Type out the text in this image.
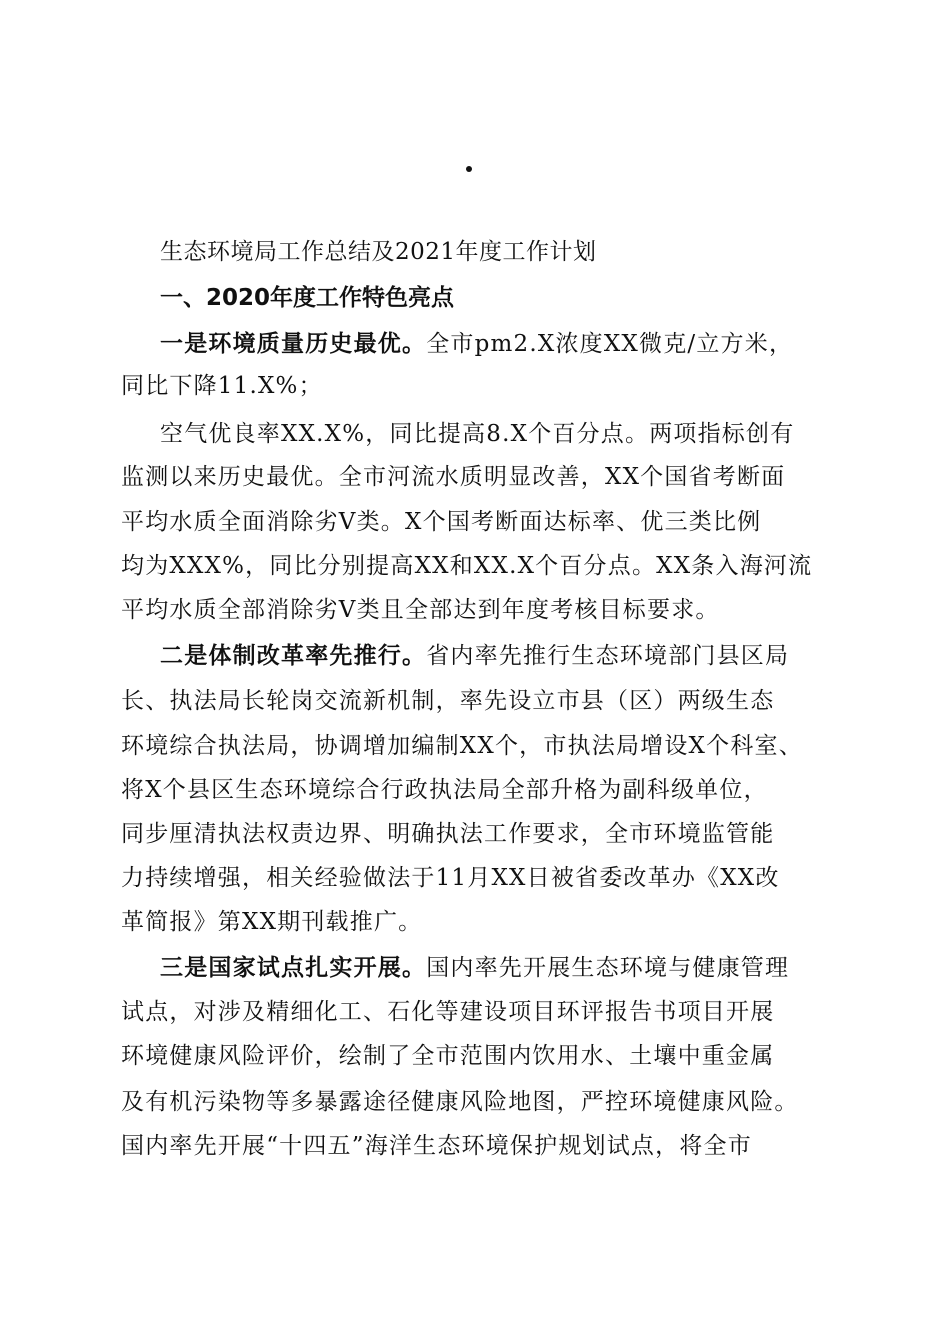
生态环境局工作总结及2021年度工作计划
一、2020年度工作特色亮点
一是环境质量历史最优。全市pm2.X浓度XX微克/立方米，
同比下降11.X%；
空气优良率XX.X%，同比提高8.X个百分点。两项指标创有
监测以来历史最优。全市河流水质明显改善，XX个国省考断面
平均水质全面消除劣Ⅴ类。X个国考断面达标率、优三类比例
均为XXX%，同比分别提高XX和XX.X个百分点。XX条入海河流
平均水质全部消除劣Ⅴ类且全部达到年度考核目标要求。
二是体制改革率先推行。省内率先推行生态环境部门县区局
长、执法局长轮岗交流新机制，率先设立市县（区）两级生态
环境综合执法局，协调增加编制XX个，市执法局增设X个科室、
将X个县区生态环境综合行政执法局全部升格为副科级单位，
同步厘清执法权责边界、明确执法工作要求，全市环境监管能
力持续增强，相关经验做法于11月XX日被省委改革办《XX改
革简报》第XX期刊载推广。
三是国家试点扎实开展。国内率先开展生态环境与健康管理
试点，对涉及精细化工、石化等建设项目环评报告书项目开展
环境健康风险评价，绘制了全市范围内饮用水、土壤中重金属
及有机污染物等多暴露途径健康风险地图，严控环境健康风险。
国内率先开展“十四五”海洋生态环境保护规划试点，将全市
